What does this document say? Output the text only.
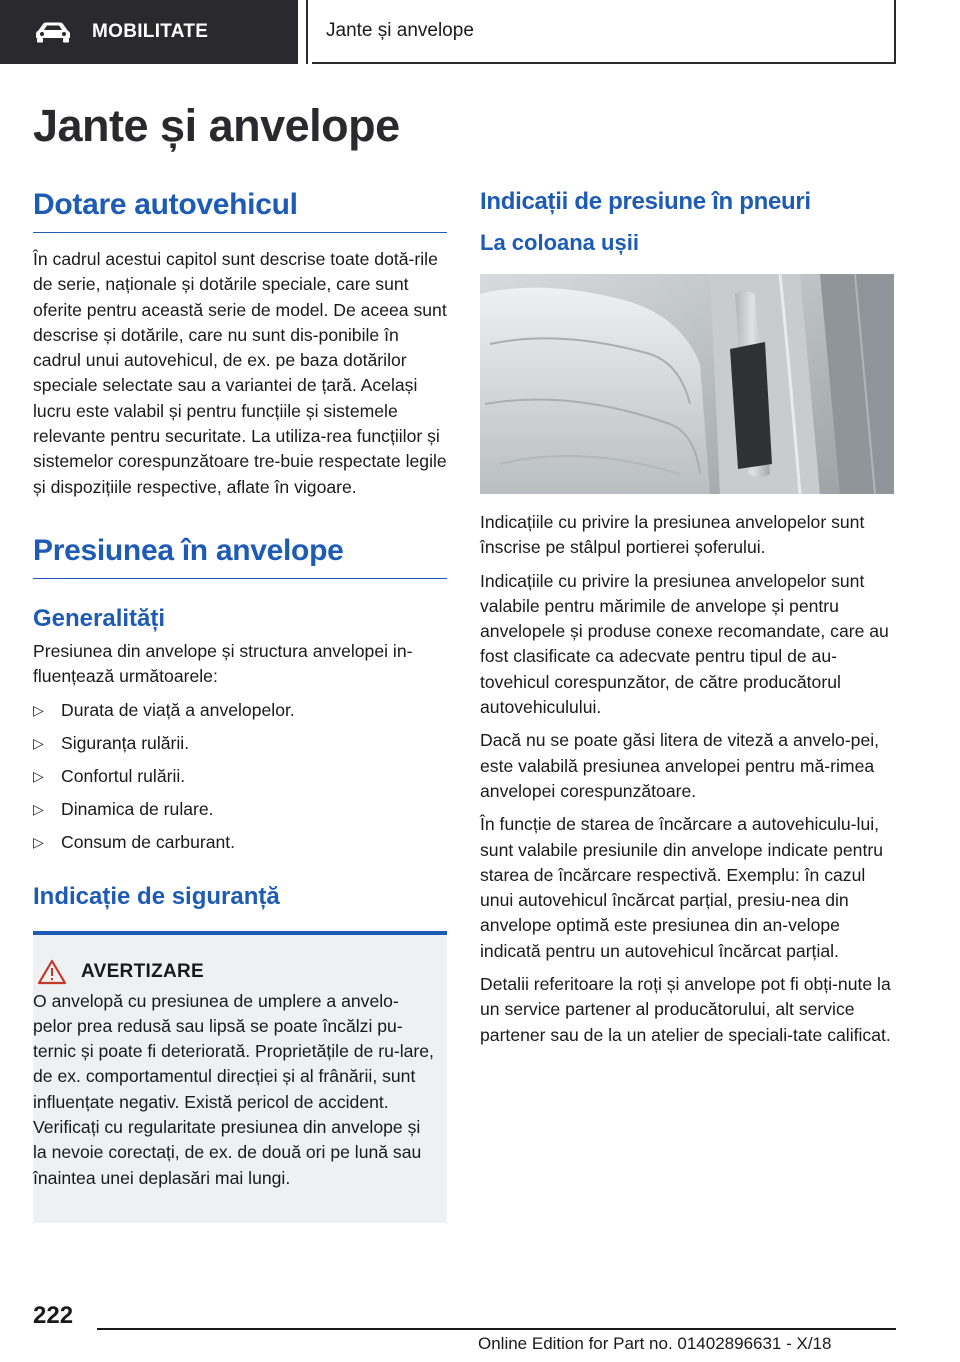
MOBILITATE	Jante și anvelope
Jante și anvelope
Dotare autovehicul

În cadrul acestui capitol sunt descrise toate dotă-rile de serie, naționale și dotările speciale, care sunt oferite pentru această serie de model. De aceea sunt descrise și dotările, care nu sunt dis-ponibile în cadrul unui autovehicul, de ex. pe baza dotărilor speciale selectate sau a variantei de țară. Același lucru este valabil și pentru funcțiile și sistemele relevante pentru securitate. La utiliza-rea funcțiilor și sistemelor corespunzătoare tre-buie respectate legile și dispozițiile respective, aflate în vigoare.

Presiunea în anvelope
Generalități

Presiunea din anvelope și structura anvelopei in-fluențează următoarele:

▷ Durata de viață a anvelopelor.
▷ Siguranța rulării.
▷ Confortul rulării.
▷ Dinamica de rulare.
▷ Consum de carburant.
Indicație de siguranță
AVERTIZARE

O anvelopă cu presiunea de umplere a anvelo-pelor prea redusă sau lipsă se poate încălzi pu-ternic și poate fi deteriorată. Proprietățile de ru-lare, de ex. comportamentul direcției și al frânării, sunt influențate negativ. Există pericol de accident. Verificați cu regularitate presiunea din anvelope și la nevoie corectați, de ex. de două ori pe lună sau înaintea unei deplasări mai lungi.

Indicații de presiune în pneuri
La coloana ușii

Indicațiile cu privire la presiunea anvelopelor sunt înscrise pe stâlpul portierei șoferului.

Indicațiile cu privire la presiunea anvelopelor sunt valabile pentru mărimile de anvelope și pentru anvelopele și produse conexe recomandate, care au fost clasificate ca adecvate pentru tipul de au-tovehicul corespunzător, de către producătorul autovehiculului.

Dacă nu se poate găsi litera de viteză a anvelo-pei, este valabilă presiunea anvelopei pentru mă-rimea anvelopei corespunzătoare.

În funcție de starea de încărcare a autovehiculu-lui, sunt valabile presiunile din anvelope indicate pentru starea de încărcare respectivă. Exemplu: în cazul unui autovehicul încărcat parțial, presiu-nea din anvelope optimă este presiunea din an-velope indicată pentru un autovehicul încărcat parțial.

Detalii referitoare la roți și anvelope pot fi obți-nute la un service partener al producătorului, alt service partener sau de la un atelier de speciali-tate calificat.

222
Online Edition for Part no. 01402896631 - X/18
